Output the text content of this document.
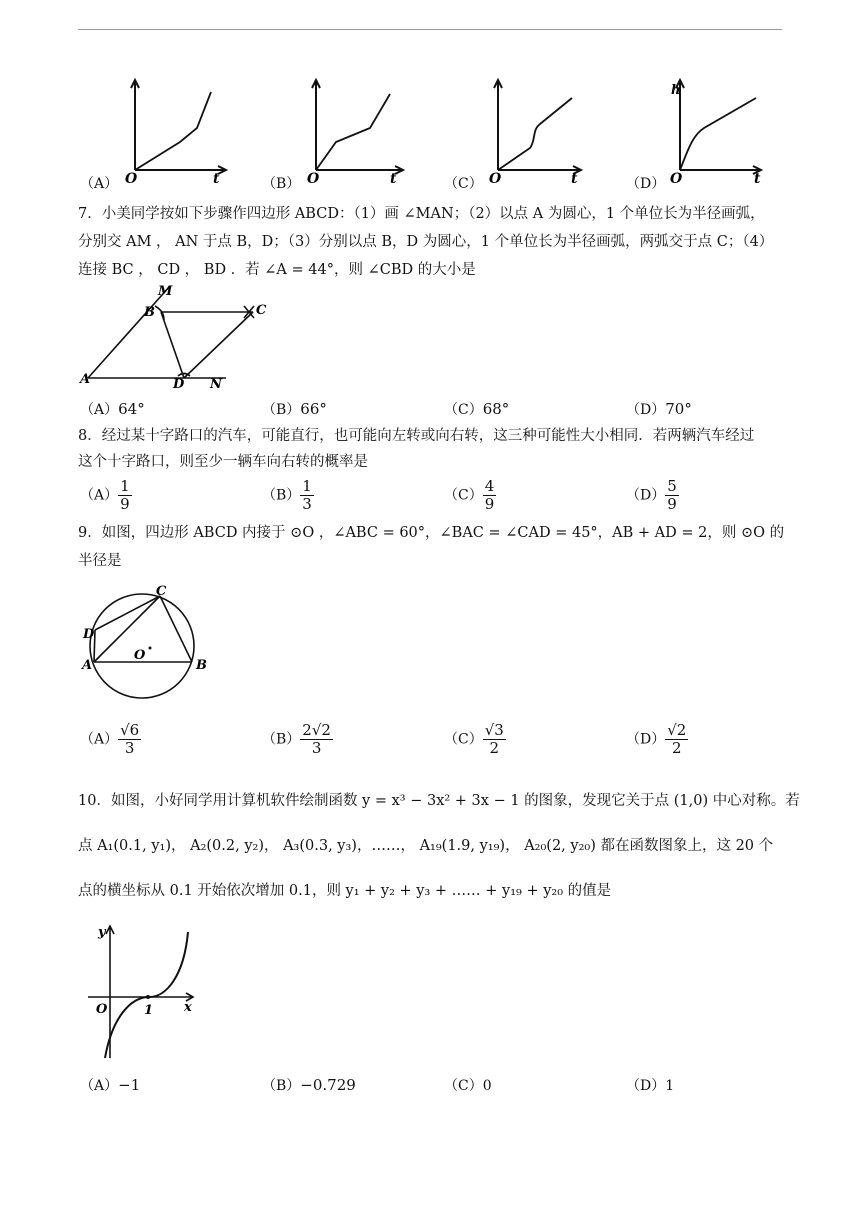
O	t	O	t	O	t	O	t
h
（A）	（B）	（C）	（D）
7．小美同学按如下步骤作四边形 ABCD：（1）画 ∠MAN；（2）以点 A 为圆心，1 个单位长为半径画弧，
分别交 AM ， AN 于点 B，D；（3）分别以点 B，D 为圆心，1 个单位长为半径画弧，两弧交于点 C；（4）
连接 BC ， CD ， BD ．若 ∠A = 44°，则 ∠CBD 的大小是
M
B	C
A	D N
（A）64°	（B）66°	（C）68°	（D）70°
8．经过某十字路口的汽车，可能直行，也可能向左转或向右转，这三种可能性大小相同．若两辆汽车经过
这个十字路口，则至少一辆车向右转的概率是
$(A) \frac{1}{9}$	$(B) \frac{1}{3}$	$(C) \frac{4}{9}$	$(D) \frac{5}{9}$
9．如图，四边形 ABCD 内接于 ⊙O ，∠ABC = 60°，∠BAC = ∠CAD = 45°，AB + AD = 2，则 ⊙O 的
半径是
C
D
A
O
B
$(A) \frac{√6}{3}$	$(B) \frac{2√2}{3}$	$(C) \frac{√3}{2}$	$(D) \frac{√2}{2}$
10．如图，小好同学用计算机软件绘制函数 y = x³ − 3x² + 3x − 1 的图象，发现它关于点 (1,0) 中心对称。若
点 A₁(0.1, y₁)， A₂(0.2, y₂)， A₃(0.3, y₃)，……， A₁₉(1.9, y₁₉)， A₂₀(2, y₂₀) 都在函数图象上，这 20 个
点的横坐标从 0.1 开始依次增加 0.1，则 y₁ + y₂ + y₃ + …… + y₁₉ + y₂₀ 的值是
y
x
O	1
（A）−1	（B）−0.729	（C）0	（D）1
